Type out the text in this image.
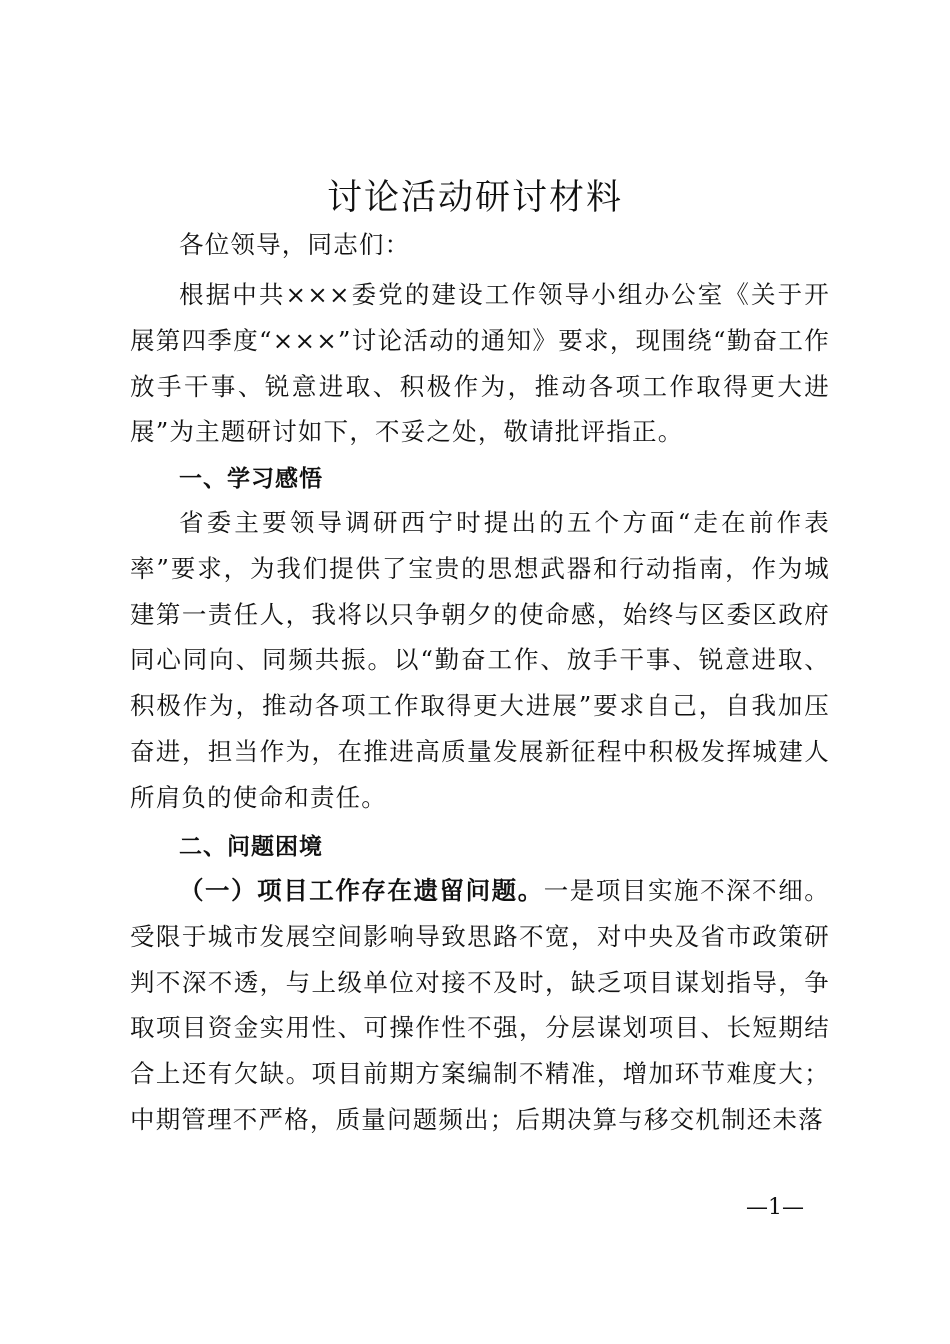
讨论活动研讨材料

各位领导，同志们：

根据中共×××委党的建设工作领导小组办公室《关于开展第四季度“×××”讨论活动的通知》要求，现围绕“勤奋工作放手干事、锐意进取、积极作为，推动各项工作取得更大进展”为主题研讨如下，不妥之处，敬请批评指正。

一、学习感悟

省委主要领导调研西宁时提出的五个方面“走在前作表率”要求，为我们提供了宝贵的思想武器和行动指南，作为城建第一责任人，我将以只争朝夕的使命感，始终与区委区政府同心同向、同频共振。以“勤奋工作、放手干事、锐意进取、积极作为，推动各项工作取得更大进展”要求自己，自我加压奋进，担当作为，在推进高质量发展新征程中积极发挥城建人所肩负的使命和责任。

二、问题困境

（一）项目工作存在遗留问题。一是项目实施不深不细。受限于城市发展空间影响导致思路不宽，对中央及省市政策研判不深不透，与上级单位对接不及时，缺乏项目谋划指导，争取项目资金实用性、可操作性不强，分层谋划项目、长短期结合上还有欠缺。项目前期方案编制不精准，增加环节难度大；中期管理不严格，质量问题频出；后期决算与移交机制还未落

—1—
